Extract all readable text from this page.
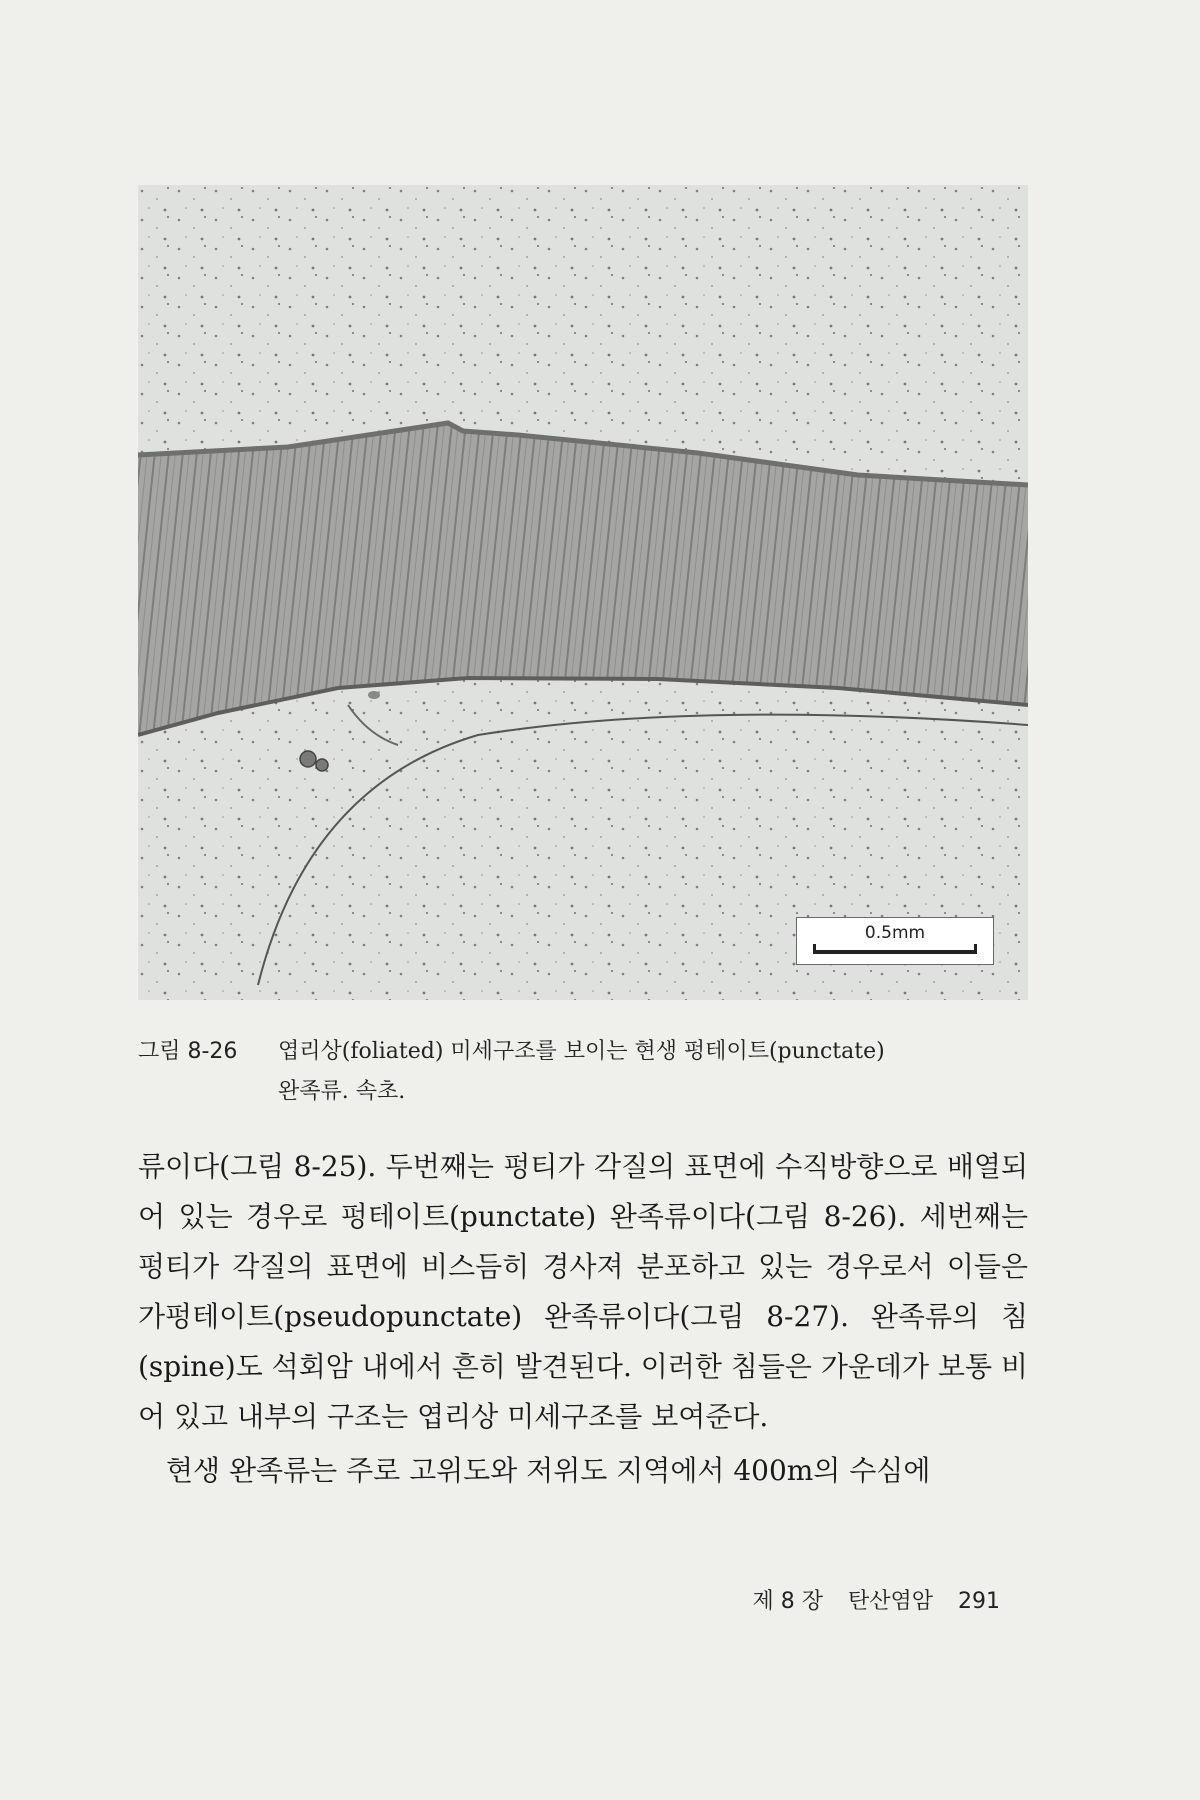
0.5mm
그림 8-26 엽리상(foliated) 미세구조를 보이는 현생 펑테이트(punctate)
완족류. 속초.

류이다(그림 8-25). 두번째는 펑티가 각질의 표면에 수직방향으로 배열되어 있는 경우로 펑테이트(punctate) 완족류이다(그림 8-26). 세번째는 펑티가 각질의 표면에 비스듬히 경사져 분포하고 있는 경우로서 이들은 가펑테이트(pseudopunctate) 완족류이다(그림 8-27). 완족류의 침(spine)도 석회암 내에서 흔히 발견된다. 이러한 침들은 가운데가 보통 비어 있고 내부의 구조는 엽리상 미세구조를 보여준다.

현생 완족류는 주로 고위도와 저위도 지역에서 400m의 수심에

제 8 장 탄산염암 291
